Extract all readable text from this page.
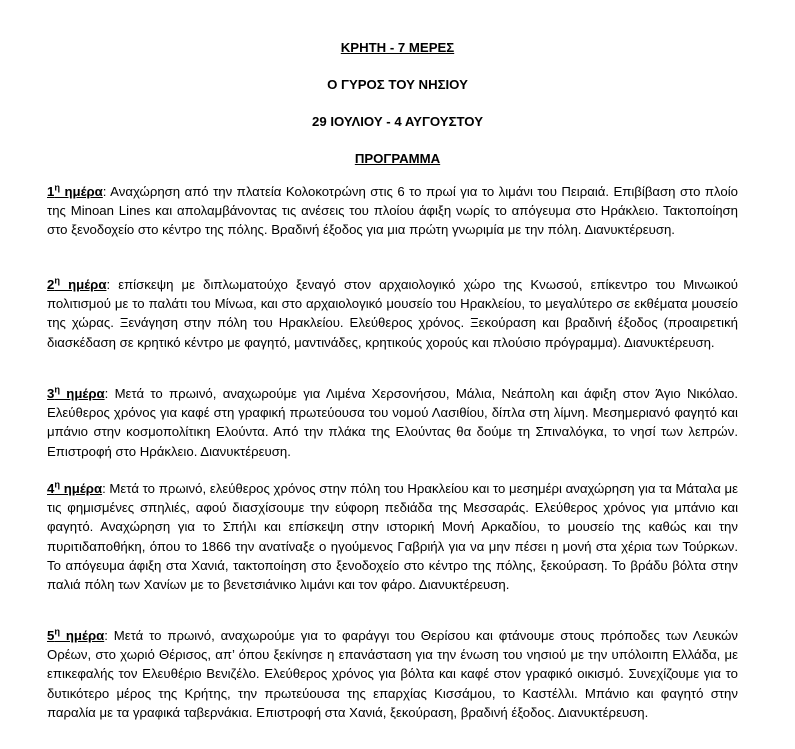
ΚΡΗΤΗ - 7 ΜΕΡΕΣ

Ο ΓΥΡΟΣ ΤΟΥ ΝΗΣΙΟΥ

29 ΙΟΥΛΙΟΥ - 4 ΑΥΓΟΥΣΤΟΥ

ΠΡΟΓΡΑΜΜΑ

$1^\eta$ ημέρα: Αναχώρηση από την πλατεία Κολοκοτρώνη στις 6 το πρωί για το λιμάνι του Πειραιά. Επιβίβαση στο πλοίο της Minoan Lines και απολαμβάνοντας τις ανέσεις του πλοίου άφιξη νωρίς το απόγευμα στο Ηράκλειο. Τακτοποίηση στο ξενοδοχείο στο κέντρο της πόλης. Βραδινή έξοδος για μια πρώτη γνωριμία με την πόλη. Διανυκτέρευση.

$2^\eta$ ημέρα: επίσκεψη με διπλωματούχο ξεναγό στον αρχαιολογικό χώρο της Κνωσού, επίκεντρο του Μινωικού πολιτισμού με το παλάτι του Μίνωα, και στο αρχαιολογικό μουσείο του Ηρακλείου, το μεγαλύτερο σε εκθέματα μουσείο της χώρας. Ξενάγηση στην πόλη του Ηρακλείου. Ελεύθερος χρόνος. Ξεκούραση και βραδινή έξοδος (προαιρετική διασκέδαση σε κρητικό κέντρο με φαγητό, μαντινάδες, κρητικούς χορούς και πλούσιο πρόγραμμα). Διανυκτέρευση.

$3^\eta$ ημέρα: Μετά το πρωινό, αναχωρούμε για Λιμένα Χερσονήσου, Μάλια, Νεάπολη και άφιξη στον Άγιο Νικόλαο. Ελεύθερος χρόνος για καφέ στη γραφική πρωτεύουσα του νομού Λασιθίου, δίπλα στη λίμνη. Μεσημεριανό φαγητό και μπάνιο στην κοσμοπολίτικη Ελούντα. Από την πλάκα της Ελούντας θα δούμε τη Σπιναλόγκα, το νησί των λεπρών. Επιστροφή στο Ηράκλειο. Διανυκτέρευση.

$4^\eta$ ημέρα: Μετά το πρωινό, ελεύθερος χρόνος στην πόλη του Ηρακλείου και το μεσημέρι αναχώρηση για τα Μάταλα με τις φημισμένες σπηλιές, αφού διασχίσουμε την εύφορη πεδιάδα της Μεσσαράς. Ελεύθερος χρόνος για μπάνιο και φαγητό. Αναχώρηση για το Σπήλι και επίσκεψη στην ιστορική Μονή Αρκαδίου, το μουσείο της καθώς και την πυριτιδαποθήκη, όπου το 1866 την ανατίναξε ο ηγούμενος Γαβριήλ για να μην πέσει η μονή στα χέρια των Τούρκων. Το απόγευμα άφιξη στα Χανιά, τακτοποίηση στο ξενοδοχείο στο κέντρο της πόλης, ξεκούραση. Το βράδυ βόλτα στην παλιά πόλη των Χανίων με το βενετσιάνικο λιμάνι και τον φάρο. Διανυκτέρευση.

$5^\eta$ ημέρα: Μετά το πρωινό, αναχωρούμε για το φαράγγι του Θερίσου και φτάνουμε στους πρόποδες των Λευκών Ορέων, στο χωριό Θέρισος, απ’ όπου ξεκίνησε η επανάσταση για την ένωση του νησιού με την υπόλοιπη Ελλάδα, με επικεφαλής τον Ελευθέριο Βενιζέλο. Ελεύθερος χρόνος για βόλτα και καφέ στον γραφικό οικισμό. Συνεχίζουμε για το δυτικότερο μέρος της Κρήτης, την πρωτεύουσα της επαρχίας Κισσάμου, το Καστέλλι. Μπάνιο και φαγητό στην παραλία με τα γραφικά ταβερνάκια. Επιστροφή στα Χανιά, ξεκούραση, βραδινή έξοδος. Διανυκτέρευση.
